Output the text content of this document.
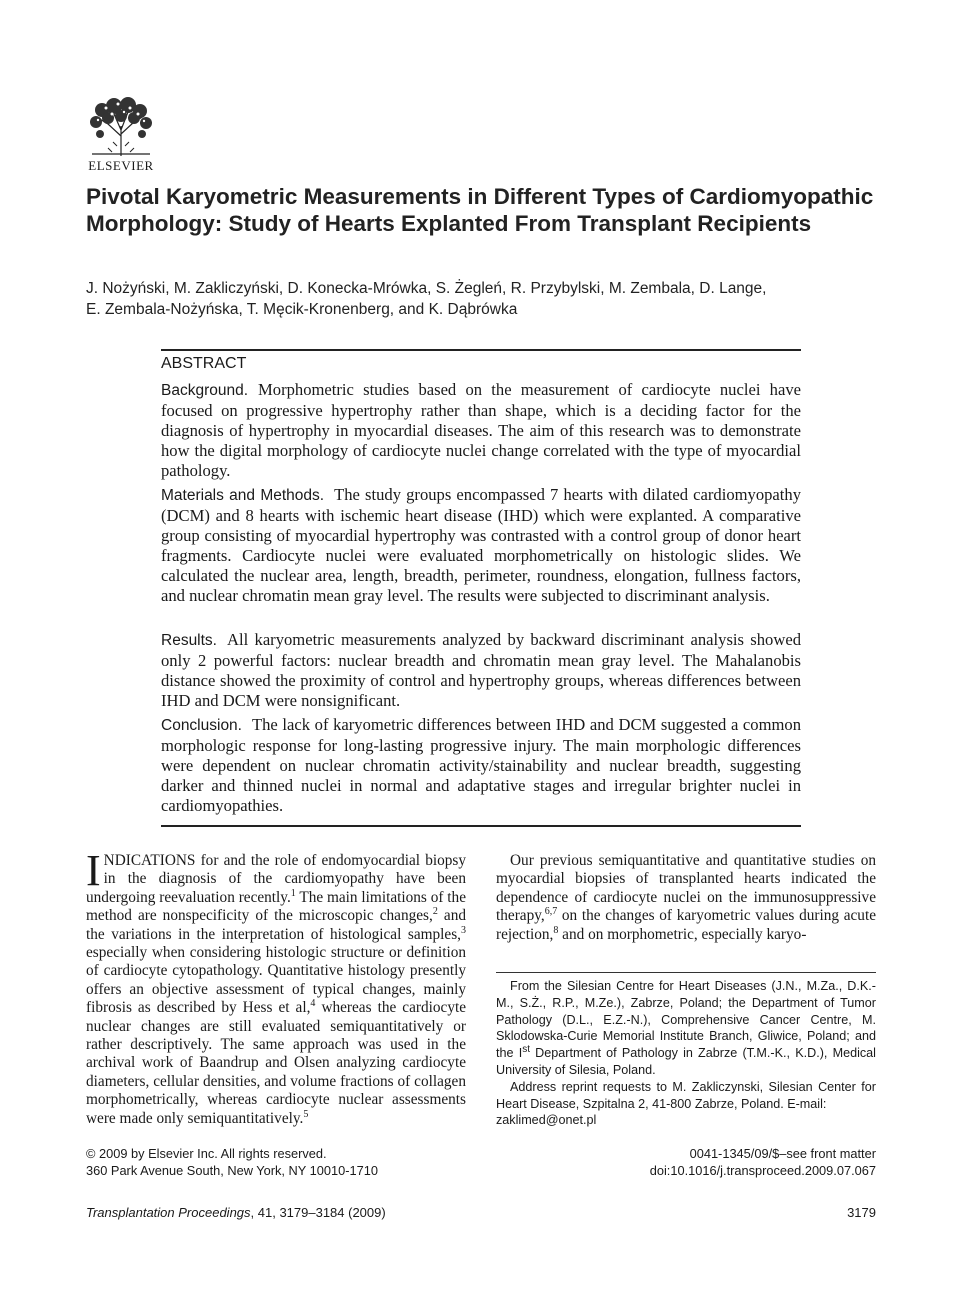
ELSEVIER
Pivotal Karyometric Measurements in Different Types of Cardiomyopathic Morphology: Study of Hearts Explanted From Transplant Recipients
J. Nożyński, M. Zakliczyński, D. Konecka-Mrówka, S. Żegleń, R. Przybylski, M. Zembala, D. Lange,
E. Zembala-Nożyńska, T. Męcik-Kronenberg, and K. Dąbrówka
ABSTRACT
Background. Morphometric studies based on the measurement of cardiocyte nuclei have focused on progressive hypertrophy rather than shape, which is a deciding factor for the diagnosis of hypertrophy in myocardial diseases. The aim of this research was to demonstrate how the digital morphology of cardiocyte nuclei change correlated with the type of myocardial pathology.
Materials and Methods. The study groups encompassed 7 hearts with dilated cardiomyopathy (DCM) and 8 hearts with ischemic heart disease (IHD) which were explanted. A comparative group consisting of myocardial hypertrophy was contrasted with a control group of donor heart fragments. Cardiocyte nuclei were evaluated morphometrically on histologic slides. We calculated the nuclear area, length, breadth, perimeter, roundness, elongation, fullness factors, and nuclear chromatin mean gray level. The results were subjected to discriminant analysis.
Results. All karyometric measurements analyzed by backward discriminant analysis showed only 2 powerful factors: nuclear breadth and chromatin mean gray level. The Mahalanobis distance showed the proximity of control and hypertrophy groups, whereas differences between IHD and DCM were nonsignificant.
Conclusion. The lack of karyometric differences between IHD and DCM suggested a common morphologic response for long-lasting progressive injury. The main morphologic differences were dependent on nuclear chromatin activity/stainability and nuclear breadth, suggesting darker and thinned nuclei in normal and adaptative stages and irregular brighter nuclei in cardiomyopathies.
INDICATIONS for and the role of endomyocardial biopsy in the diagnosis of the cardiomyopathy have been undergoing reevaluation recently.$^1$ The main limitations of the method are nonspecificity of the microscopic changes,$^2$ and the variations in the interpretation of histological samples,$^3$ especially when considering histologic structure or definition of cardiocyte cytopathology. Quantitative histology presently offers an objective assessment of typical changes, mainly fibrosis as described by Hess et al,$^4$ whereas the cardiocyte nuclear changes are still evaluated semiquantitatively or rather descriptively. The same approach was used in the archival work of Baandrup and Olsen analyzing cardiocyte diameters, cellular densities, and volume fractions of collagen morphometrically, whereas cardiocyte nuclear assessments were made only semiquantitatively.$^5$
Our previous semiquantitative and quantitative studies on myocardial biopsies of transplanted hearts indicated the dependence of cardiocyte nuclei on the immunosuppressive therapy,$^{6,7}$ on the changes of karyometric values during acute rejection,$^8$ and on morphometric, especially karyo-

From the Silesian Centre for Heart Diseases (J.N., M.Za., D.K.-M., S.Ż., R.P., M.Ze.), Zabrze, Poland; the Department of Tumor Pathology (D.L., E.Z.-N.), Comprehensive Cancer Centre, M. Sklodowska-Curie Memorial Institute Branch, Gliwice, Poland; and the Ist Department of Pathology in Zabrze (T.M.-K., K.D.), Medical University of Silesia, Poland.

Address reprint requests to M. Zakliczynski, Silesian Center for Heart Disease, Szpitalna 2, 41-800 Zabrze, Poland. E-mail:

zaklimed@onet.pl
© 2009 by Elsevier Inc. All rights reserved.
360 Park Avenue South, New York, NY 10010-1710
0041-1345/09/$–see front matter
doi:10.1016/j.transproceed.2009.07.067
Transplantation Proceedings, 41, 3179–3184 (2009)	3179
